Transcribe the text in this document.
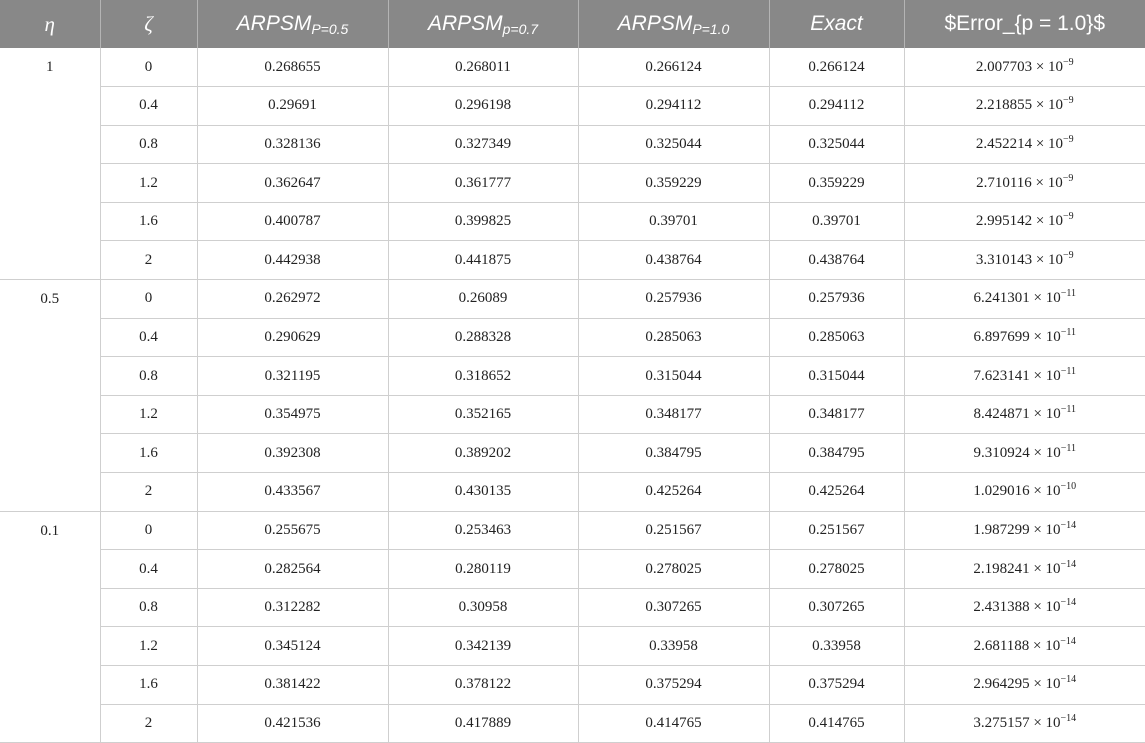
η	ζ	$ARPSM_{P=0.5}$	$ARPSM_{p=0.7}$	$ARPSM_{P=1.0}$	Exact	$Error_{p = 1.0}$
1	0	0.268655	0.268011	0.266124	0.266124	$2.007703 \times 10^{-9}$
	0.4	0.29691	0.296198	0.294112	0.294112	$2.218855 \times 10^{-9}$
	0.8	0.328136	0.327349	0.325044	0.325044	$2.452214 \times 10^{-9}$
	1.2	0.362647	0.361777	0.359229	0.359229	$2.710116 \times 10^{-9}$
	1.6	0.400787	0.399825	0.39701	0.39701	$2.995142 \times 10^{-9}$
	2	0.442938	0.441875	0.438764	0.438764	$3.310143 \times 10^{-9}$
0.5	0	0.262972	0.26089	0.257936	0.257936	$6.241301 \times 10^{-11}$
	0.4	0.290629	0.288328	0.285063	0.285063	$6.897699 \times 10^{-11}$
	0.8	0.321195	0.318652	0.315044	0.315044	$7.623141 \times 10^{-11}$
	1.2	0.354975	0.352165	0.348177	0.348177	$8.424871 \times 10^{-11}$
	1.6	0.392308	0.389202	0.384795	0.384795	$9.310924 \times 10^{-11}$
	2	0.433567	0.430135	0.425264	0.425264	$1.029016 \times 10^{-10}$
0.1	0	0.255675	0.253463	0.251567	0.251567	$1.987299 \times 10^{-14}$
	0.4	0.282564	0.280119	0.278025	0.278025	$2.198241 \times 10^{-14}$
	0.8	0.312282	0.30958	0.307265	0.307265	$2.431388 \times 10^{-14}$
	1.2	0.345124	0.342139	0.33958	0.33958	$2.681188 \times 10^{-14}$
	1.6	0.381422	0.378122	0.375294	0.375294	$2.964295 \times 10^{-14}$
	2	0.421536	0.417889	0.414765	0.414765	$3.275157 \times 10^{-14}$
